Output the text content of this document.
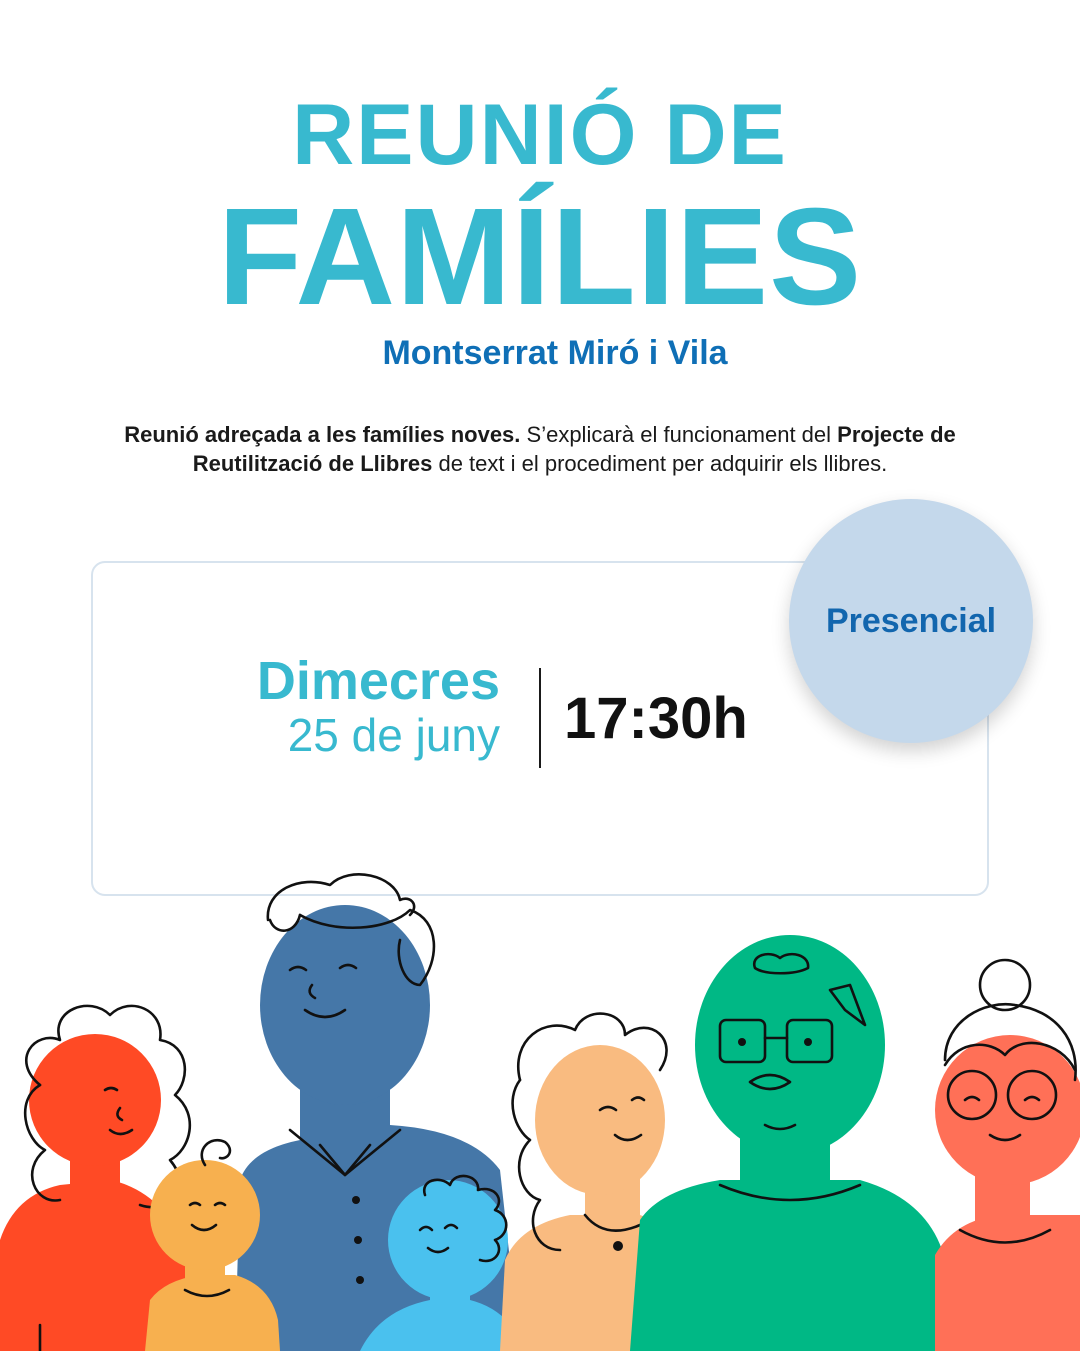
REUNIÓ DE
FAMÍLIES
Montserrat Miró i Vila
Reunió adreçada a les famílies noves. S’explicarà el funcionament del Projecte de Reutilització de Llibres de text i el procediment per adquirir els llibres.
Dimecres
25 de juny 17:30h
Presencial
